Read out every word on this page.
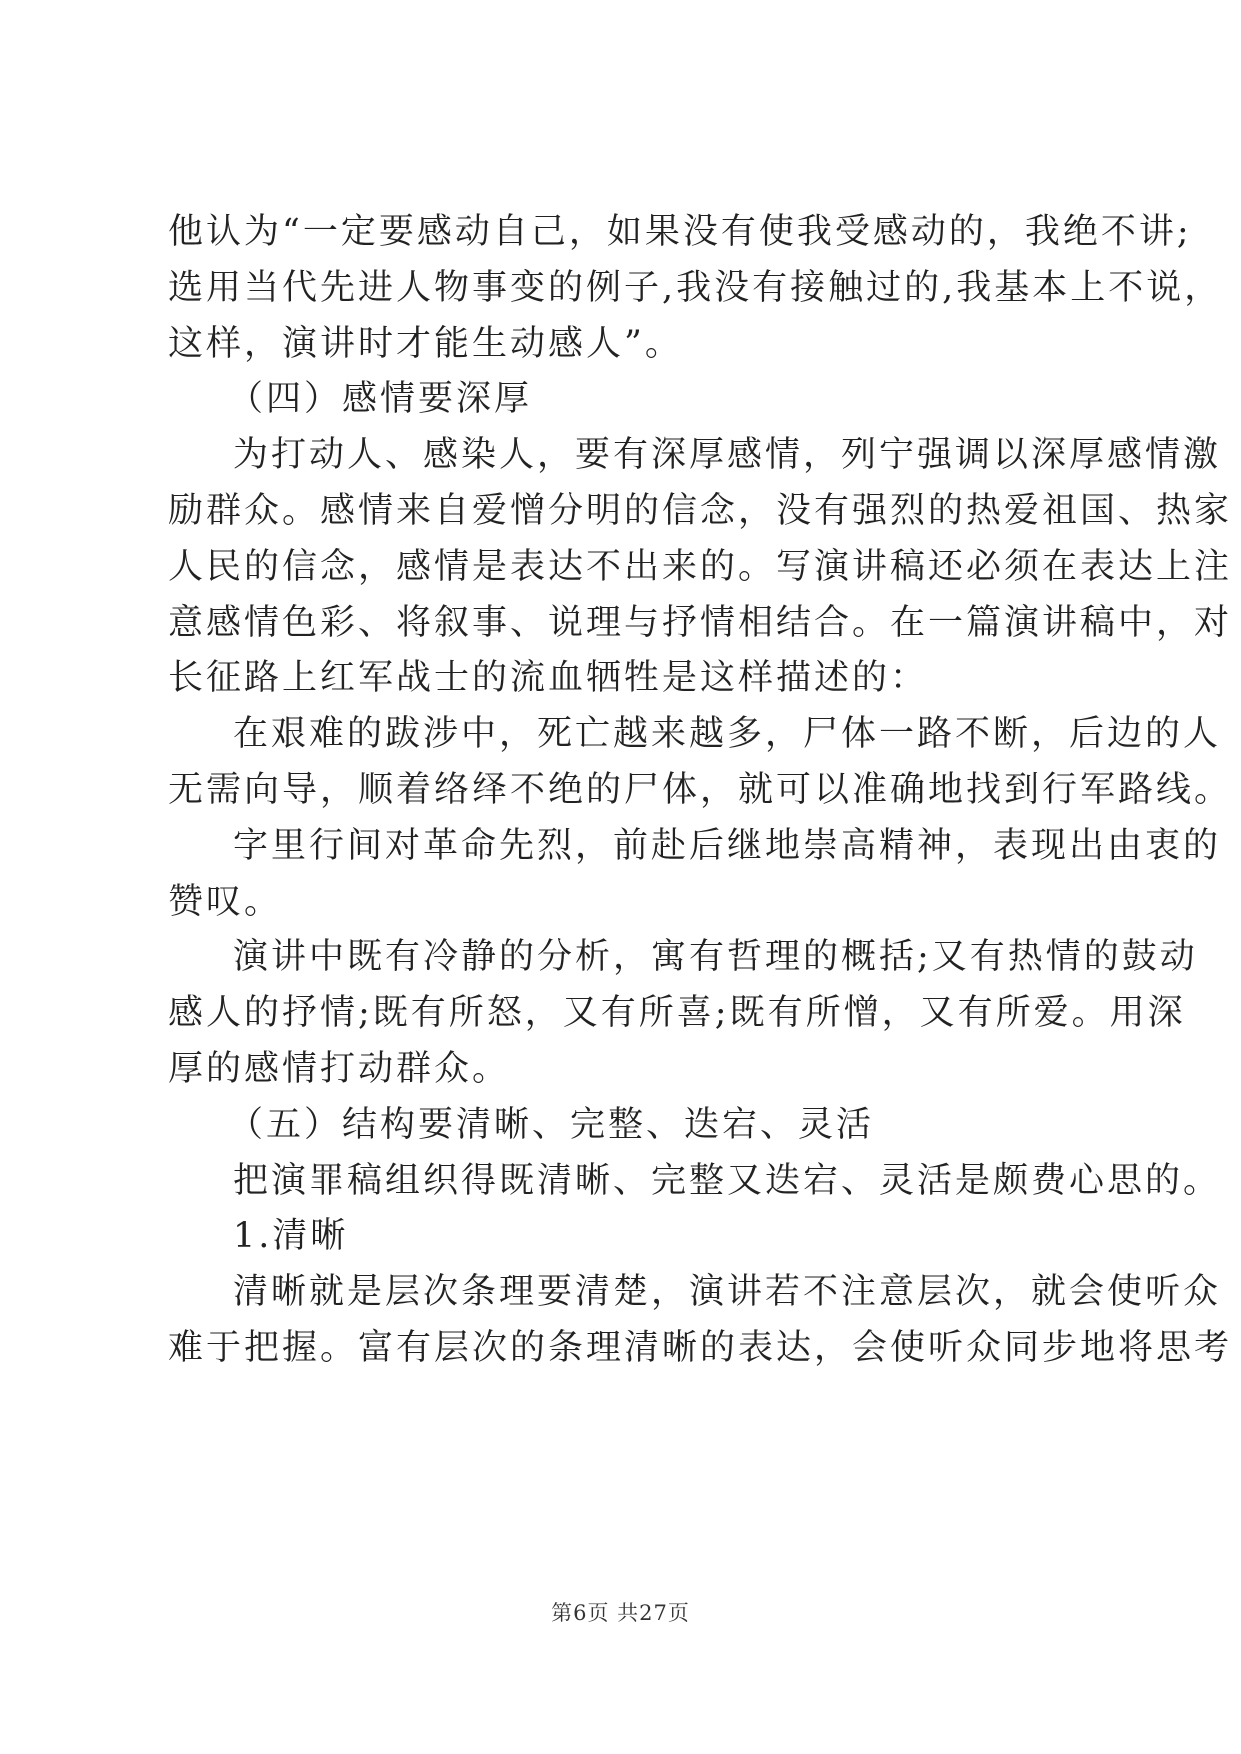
他认为“一定要感动自己，如果没有使我受感动的，我绝不讲;
选用当代先进人物事变的例子,我没有接触过的,我基本上不说，
这样，演讲时才能生动感人”。
（四）感情要深厚
为打动人、感染人，要有深厚感情，列宁强调以深厚感情激
励群众。感情来自爱憎分明的信念，没有强烈的热爱祖国、热家
人民的信念，感情是表达不出来的。写演讲稿还必须在表达上注
意感情色彩、将叙事、说理与抒情相结合。在一篇演讲稿中，对
长征路上红军战士的流血牺牲是这样描述的：
在艰难的跋涉中，死亡越来越多，尸体一路不断，后边的人
无需向导，顺着络绎不绝的尸体，就可以准确地找到行军路线。
字里行间对革命先烈，前赴后继地崇高精神，表现出由衷的
赞叹。
演讲中既有冷静的分析，寓有哲理的概括;又有热情的鼓动
感人的抒情;既有所怒，又有所喜;既有所憎，又有所爱。用深
厚的感情打动群众。
（五）结构要清晰、完整、迭宕、灵活
把演罪稿组织得既清晰、完整又迭宕、灵活是颇费心思的。
1.清晰
清晰就是层次条理要清楚，演讲若不注意层次，就会使听众
难于把握。富有层次的条理清晰的表达，会使听众同步地将思考
第6页 共27页
